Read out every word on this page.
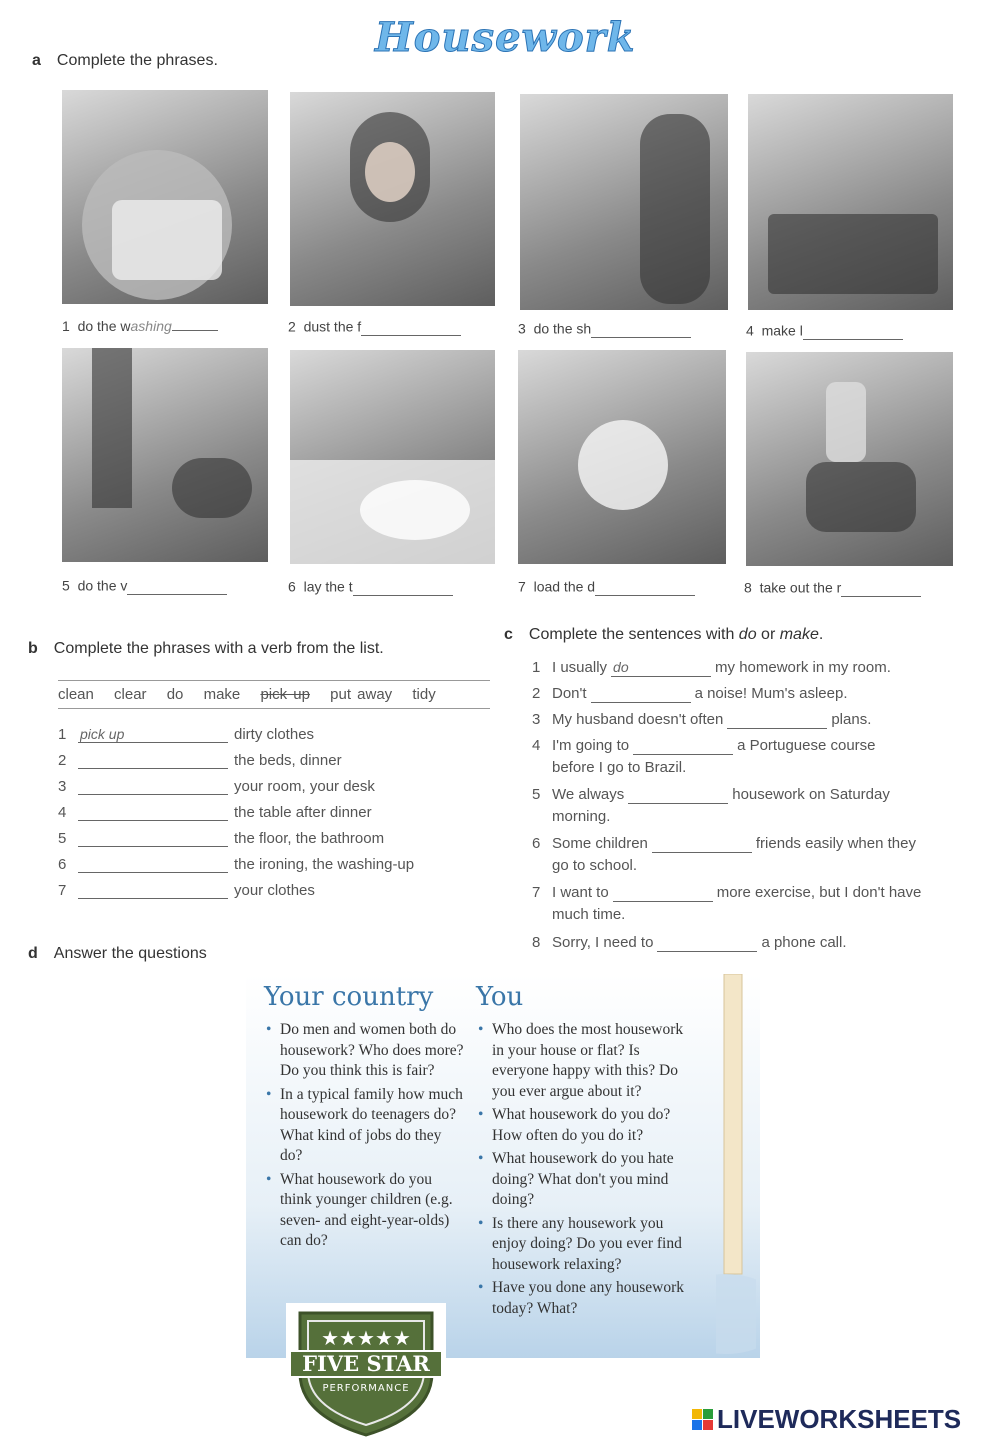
Housework
a Complete the phrases.
1 do the washing	2 dust the f	3 do the sh	4 make l
5 do the v	6 lay the t	7 load the d	8 take out the r
b Complete the phrases with a verb from the list.
clean clear do make pick up put away tidy
1
pick up	dirty clothes
2	the beds, dinner
3	your room, your desk
4	the table after dinner
5	the floor, the bathroom
6	the ironing, the washing-up
7	your clothes
c Complete the sentences with do or make.
1 I usuallydo	my homework in my room.
2 Don't	a noise! Mum's asleep.
3 My husband doesn't often	plans.
4 I'm going to	a Portuguese course
before I go to Brazil.
5 We always	housework on Saturday
morning.
6 Some children	friends easily when they
go to school.
7 I want to	more exercise, but I don't have
much time.
8 Sorry, I need to	a phone call.
d Answer the questions
Your country You
• Do men and women both do housework? Who does more? Do you think this is fair?
• In a typical family how much housework do teenagers do? What kind of jobs do they do?
• What housework do you think younger children (e.g. seven- and eight-year-olds) can do?
• Who does the most housework in your house or flat? Is everyone happy with this? Do you ever argue about it?
• What housework do you do? How often do you do it?
• What housework do you hate doing? What don't you mind doing?
• Is there any housework you enjoy doing? Do you ever find housework relaxing?
• Have you done any housework today? What?
★★★★★
FIVE STAR
PERFORMANCE
LIVEWORKSHEETS
